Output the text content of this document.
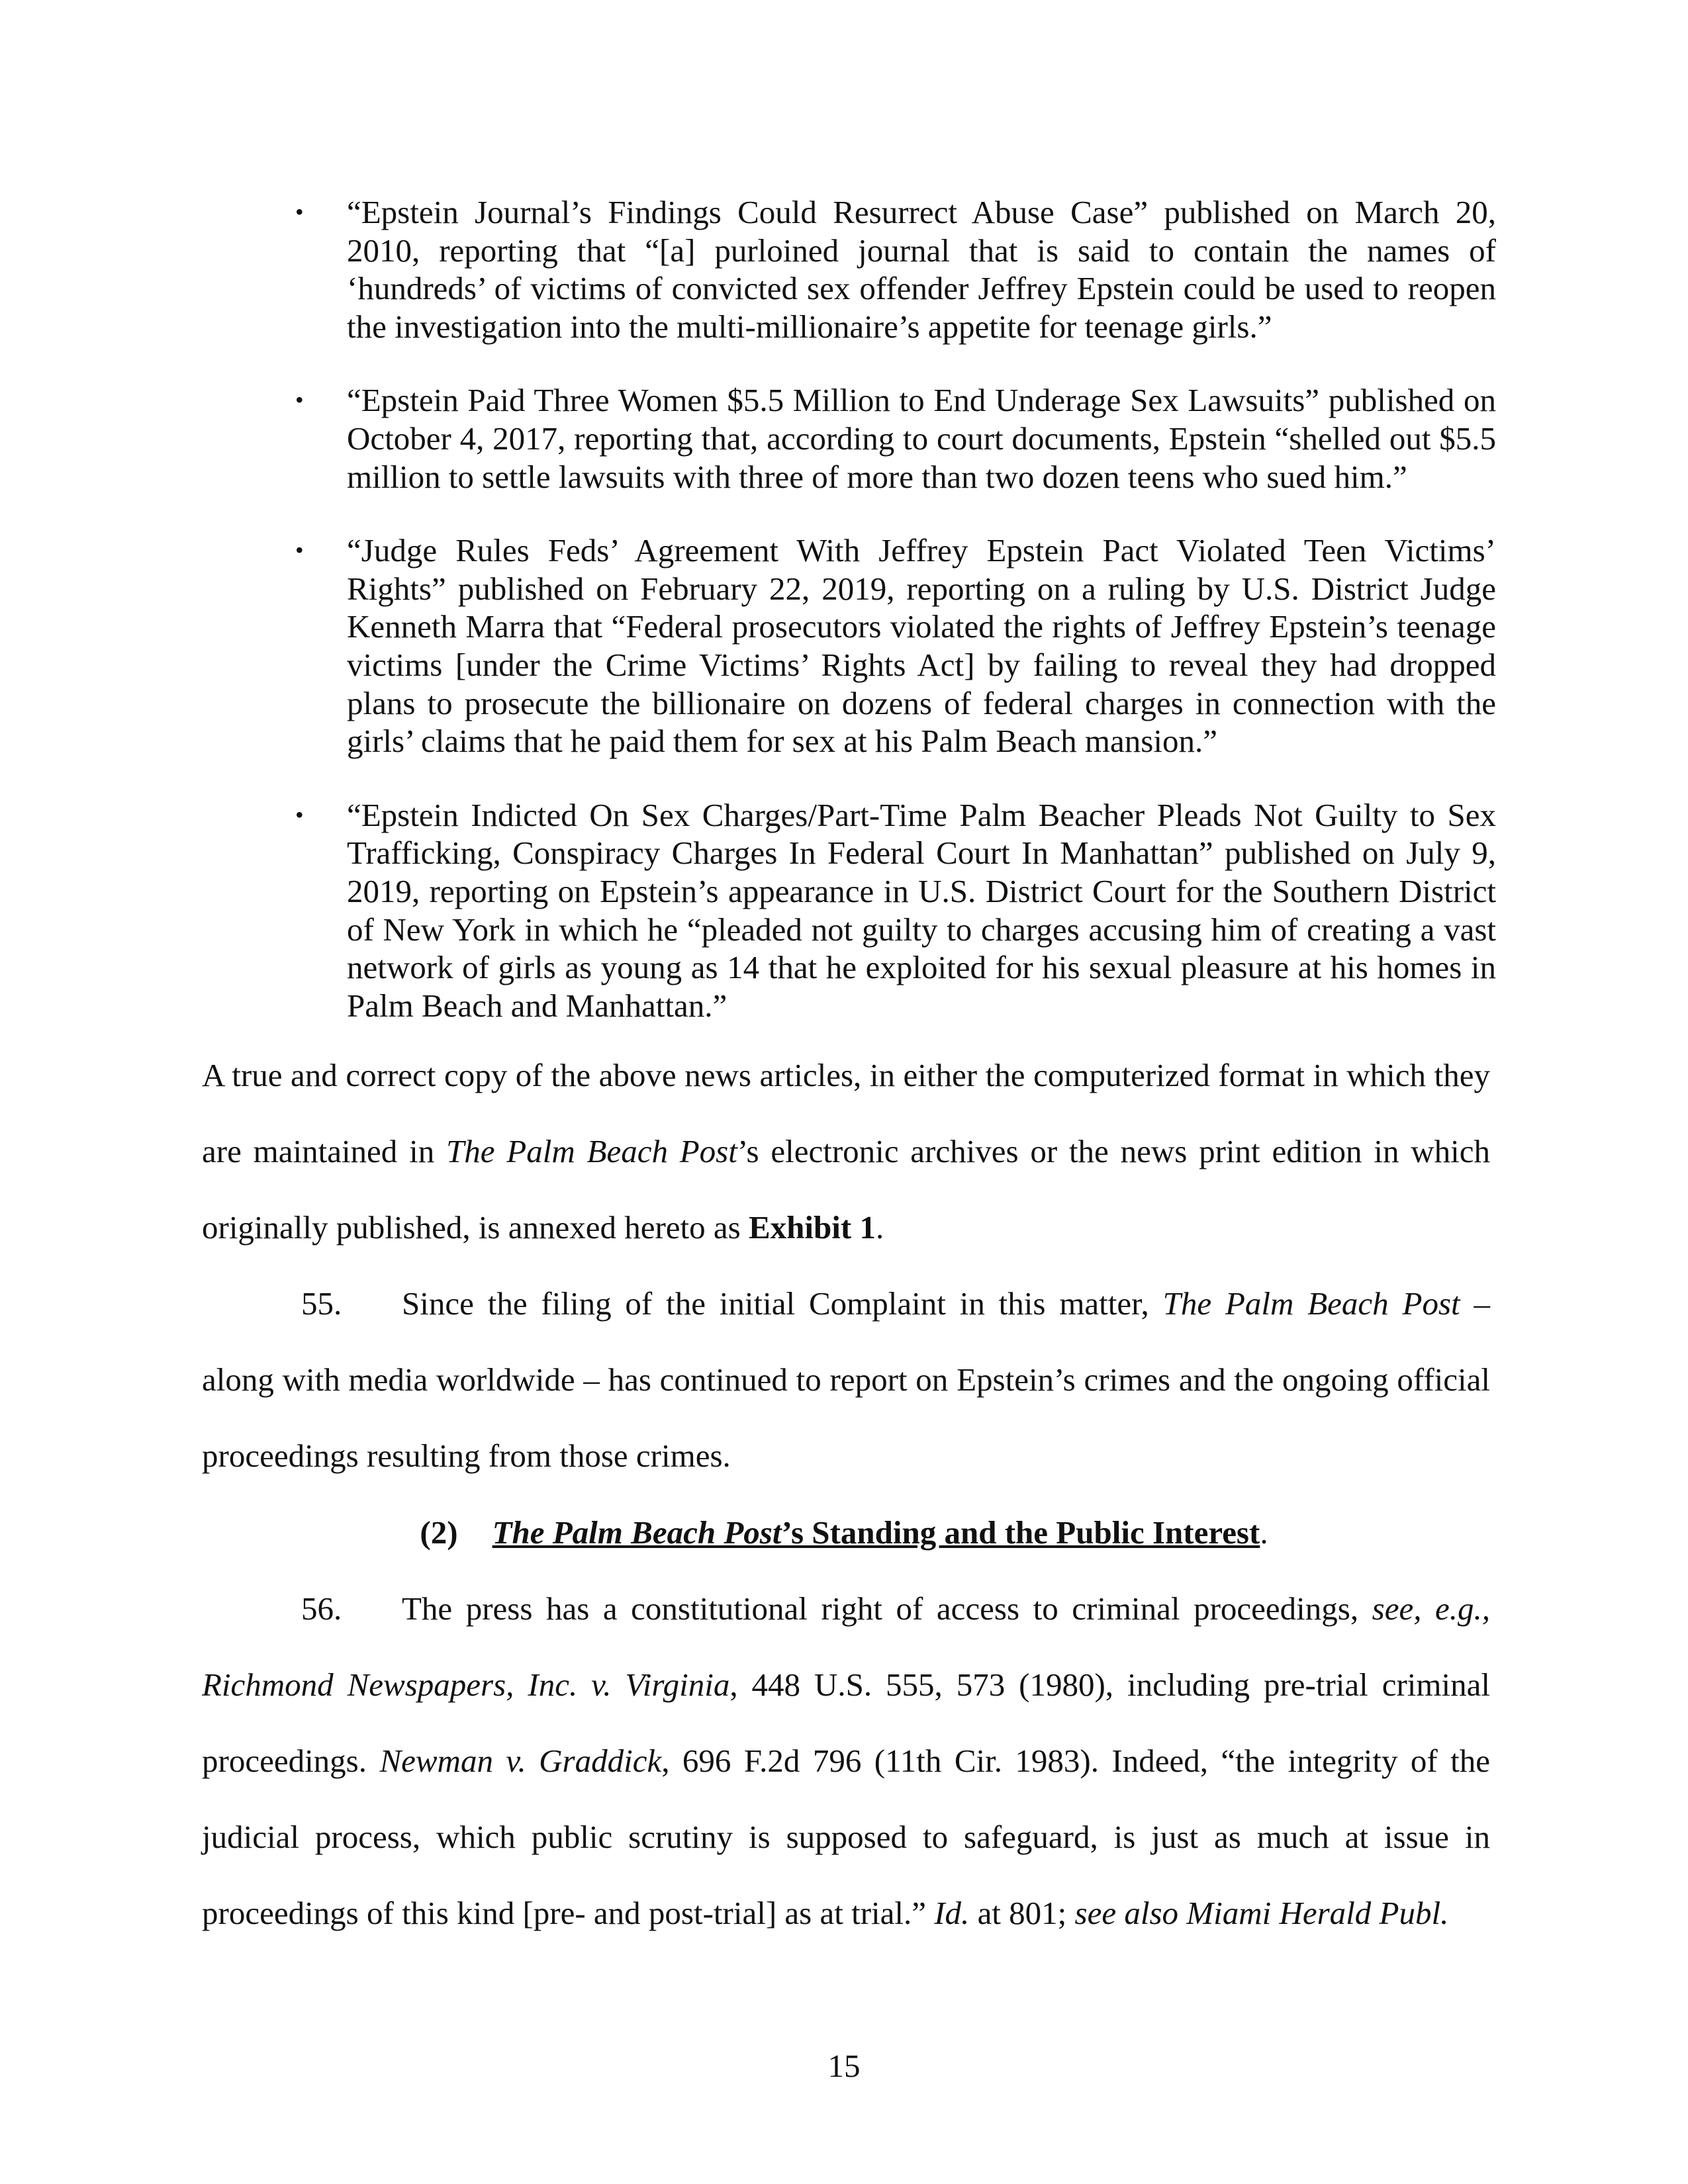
• “Epstein Journal’s Findings Could Resurrect Abuse Case” published on March 20, 2010, reporting that “[a] purloined journal that is said to contain the names of ‘hundreds’ of victims of convicted sex offender Jeffrey Epstein could be used to reopen the investigation into the multi-millionaire’s appetite for teenage girls.”
• “Epstein Paid Three Women $5.5 Million to End Underage Sex Lawsuits” published on October 4, 2017, reporting that, according to court documents, Epstein “shelled out $5.5 million to settle lawsuits with three of more than two dozen teens who sued him.”
• “Judge Rules Feds’ Agreement With Jeffrey Epstein Pact Violated Teen Victims’ Rights” published on February 22, 2019, reporting on a ruling by U.S. District Judge Kenneth Marra that “Federal prosecutors violated the rights of Jeffrey Epstein’s teenage victims [under the Crime Victims’ Rights Act] by failing to reveal they had dropped plans to prosecute the billionaire on dozens of federal charges in connection with the girls’ claims that he paid them for sex at his Palm Beach mansion.”
• “Epstein Indicted On Sex Charges/Part-Time Palm Beacher Pleads Not Guilty to Sex Trafficking, Conspiracy Charges In Federal Court In Manhattan” published on July 9, 2019, reporting on Epstein’s appearance in U.S. District Court for the Southern District of New York in which he “pleaded not guilty to charges accusing him of creating a vast network of girls as young as 14 that he exploited for his sexual pleasure at his homes in Palm Beach and Manhattan.”

A true and correct copy of the above news articles, in either the computerized format in which they are maintained in The Palm Beach Post’s electronic archives or the news print edition in which originally published, is annexed hereto as Exhibit 1.

55. Since the filing of the initial Complaint in this matter, The Palm Beach Post – along with media worldwide – has continued to report on Epstein’s crimes and the ongoing official proceedings resulting from those crimes.

(2) The Palm Beach Post’s Standing and the Public Interest.

56. The press has a constitutional right of access to criminal proceedings, see, e.g., Richmond Newspapers, Inc. v. Virginia, 448 U.S. 555, 573 (1980), including pre-trial criminal proceedings. Newman v. Graddick, 696 F.2d 796 (11th Cir. 1983). Indeed, “the integrity of the judicial process, which public scrutiny is supposed to safeguard, is just as much at issue in proceedings of this kind [pre- and post-trial] as at trial.” Id. at 801; see also Miami Herald Publ.

15
